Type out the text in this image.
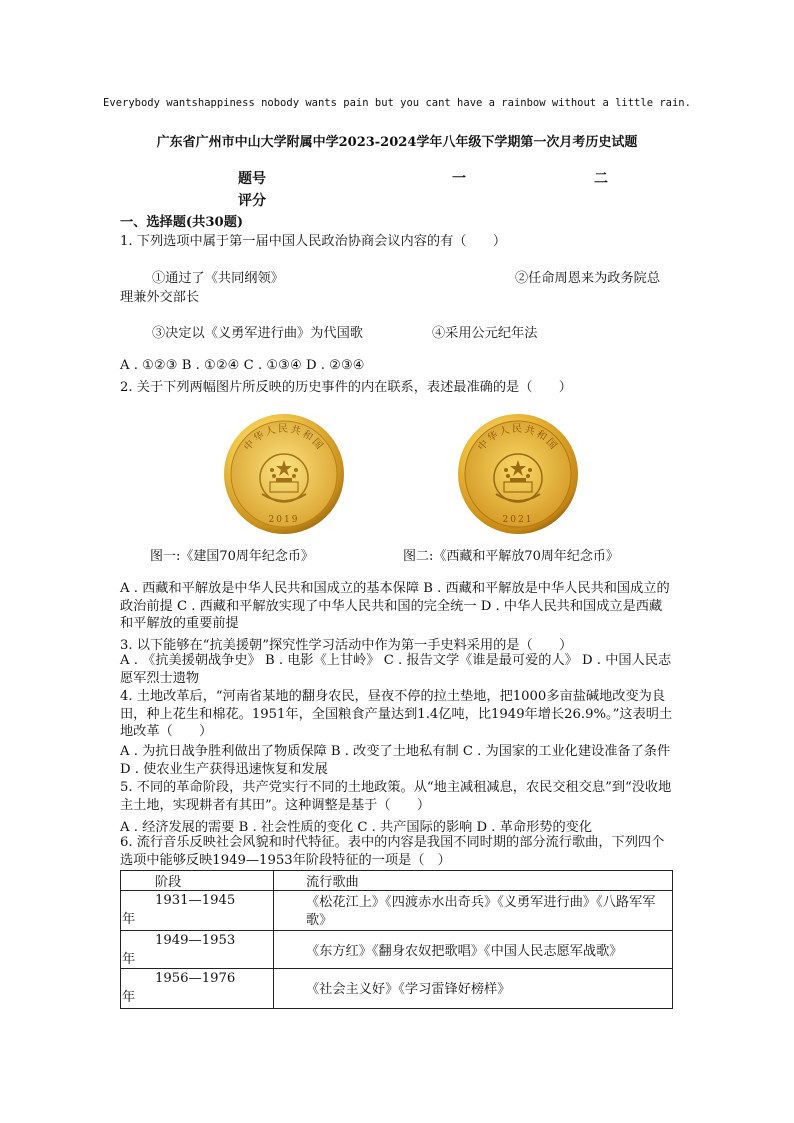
Everybody wantshappiness nobody wants pain but you cant have a rainbow without a little rain.
广东省广州市中山大学附属中学2023-2024学年八年级下学期第一次月考历史试题
题号	一	二
评分
一、选择题(共30题)
1. 下列选项中属于第一届中国人民政治协商会议内容的有（　　）
①通过了《共同纲领》	②任命周恩来为政务院总
理兼外交部长
③决定以《义勇军进行曲》为代国歌	④采用公元纪年法
A . ①②③ B . ①②④ C . ①③④ D . ②③④
2. 关于下列两幅图片所反映的历史事件的内在联系，表述最准确的是（　　）
中华人民共和国
2019
中华人民共和国
2021
图一:《建国70周年纪念币》	图二:《西藏和平解放70周年纪念币》
A . 西藏和平解放是中华人民共和国成立的基本保障 B . 西藏和平解放是中华人民共和国成立的政治前提 C . 西藏和平解放实现了中华人民共和国的完全统一 D . 中华人民共和国成立是西藏和平解放的重要前提
3. 以下能够在“抗美援朝”探究性学习活动中作为第一手史料采用的是（　　）
A . 《抗美援朝战争史》 B . 电影《上甘岭》 C . 报告文学《谁是最可爱的人》 D . 中国人民志愿军烈士遗物
4. 土地改革后，“河南省某地的翻身农民，昼夜不停的拉土垫地，把1000多亩盐碱地改变为良田，种上花生和棉花。1951年，全国粮食产量达到1.4亿吨，比1949年增长26.9%。”这表明土地改革（　　）
A . 为抗日战争胜利做出了物质保障 B . 改变了土地私有制 C . 为国家的工业化建设准备了条件 D . 使农业生产获得迅速恢复和发展
5. 不同的革命阶段，共产党实行不同的土地政策。从“地主减租减息，农民交租交息”到“没收地主土地，实现耕者有其田”。这种调整是基于（　　）
A . 经济发展的需要 B . 社会性质的变化 C . 共产国际的影响 D . 革命形势的变化
6. 流行音乐反映社会风貌和时代特征。表中的内容是我国不同时期的部分流行歌曲，下列四个选项中能够反映1949—1953年阶段特征的一项是（　）
阶段	流行歌曲

1931—1945
年	《松花江上》《四渡赤水出奇兵》《义勇军进行曲》《八路军军歌》

1949—1953
年	《东方红》《翻身农奴把歌唱》《中国人民志愿军战歌》

1956—1976
年	《社会主义好》《学习雷锋好榜样》
